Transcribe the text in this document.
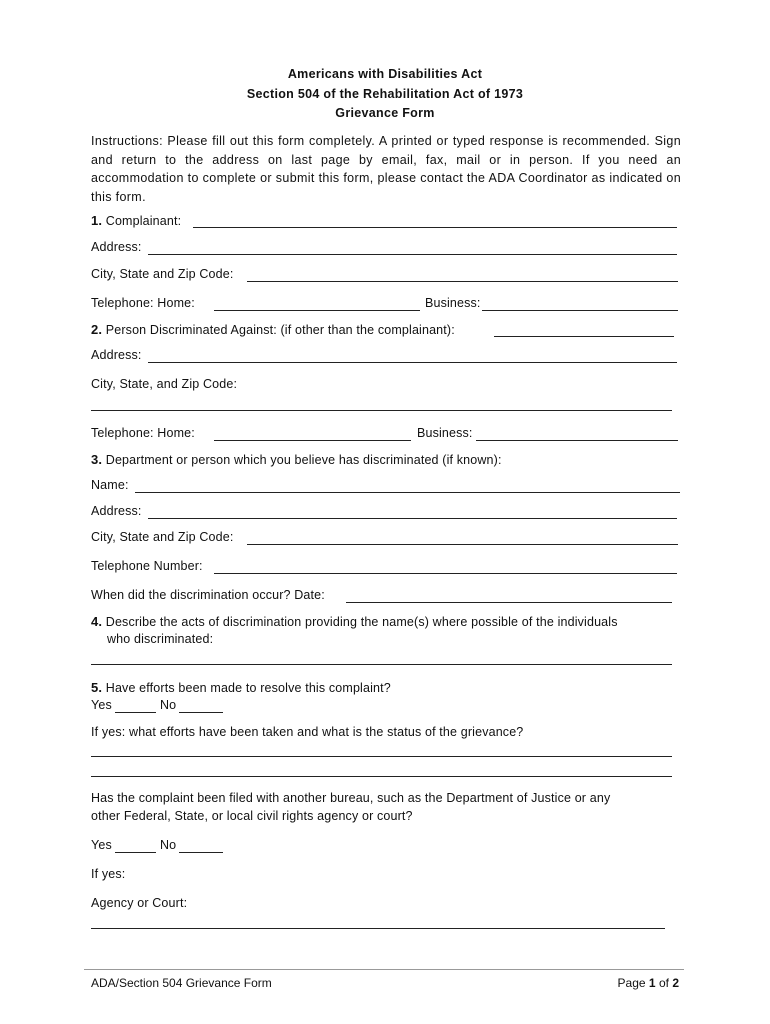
Americans with Disabilities Act
Section 504 of the Rehabilitation Act of 1973
Grievance Form
Instructions: Please fill out this form completely. A printed or typed response is recommended. Sign and return to the address on last page by email, fax, mail or in person. If you need an accommodation to complete or submit this form, please contact the ADA Coordinator as indicated on this form.
1. Complainant:
Address:
City, State and Zip Code:
Telephone: Home:	Business:
2. Person Discriminated Against: (if other than the complainant):
Address:
City, State, and Zip Code:
Telephone: Home:	Business:
3. Department or person which you believe has discriminated (if known):
Name:
Address:
City, State and Zip Code:
Telephone Number:
When did the discrimination occur? Date:
4. Describe the acts of discrimination providing the name(s) where possible of the individuals
who discriminated:
5. Have efforts been made to resolve this complaint?
Yes	No
If yes: what efforts have been taken and what is the status of the grievance?
Has the complaint been filed with another bureau, such as the Department of Justice or any
other Federal, State, or local civil rights agency or court?
Yes	No
If yes:
Agency or Court:
ADA/Section 504 Grievance Form	Page 1 of 2
